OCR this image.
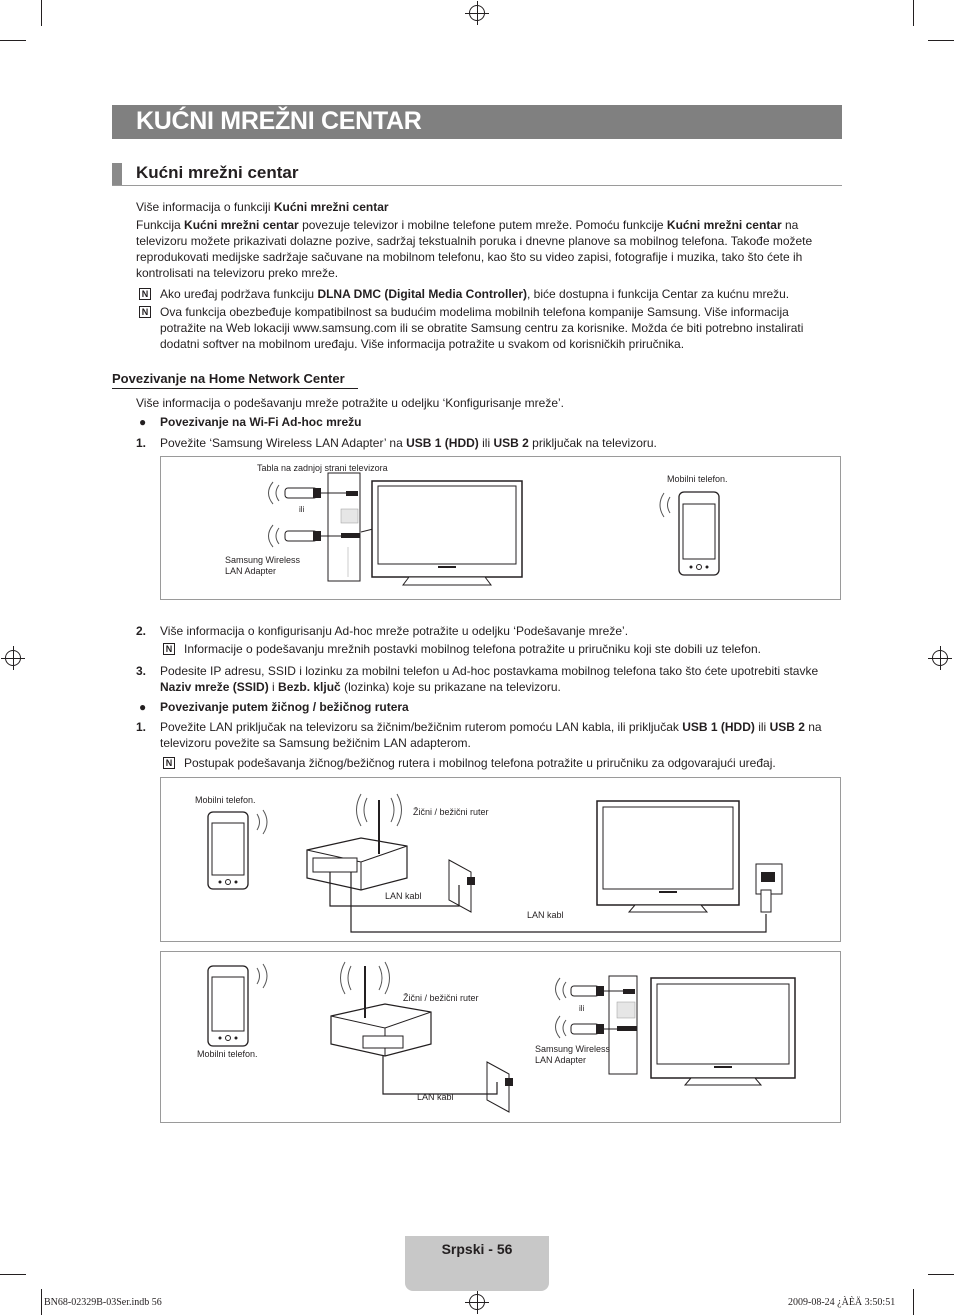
KUĆNI MREŽNI CENTAR
Kućni mrežni centar
Više informacija o funkciji Kućni mrežni centar
Funkcija Kućni mrežni centar povezuje televizor i mobilne telefone putem mreže. Pomoću funkcije Kućni mrežni centar na televizoru možete prikazivati dolazne pozive, sadržaj tekstualnih poruka i dnevne planove sa mobilnog telefona. Takođe možete reprodukovati medijske sadržaje sačuvane na mobilnom telefonu, kao što su video zapisi, fotografije i muzika, tako što ćete ih kontrolisati na televizoru preko mreže.
N Ako uređaj podržava funkciju DLNA DMC (Digital Media Controller), biće dostupna i funkcija Centar za kućnu mrežu.
N Ova funkcija obezbeđuje kompatibilnost sa budućim modelima mobilnih telefona kompanije Samsung. Više informacija potražite na Web lokaciji www.samsung.com ili se obratite Samsung centru za korisnike. Možda će biti potrebno instalirati dodatni softver na mobilnom uređaju. Više informacija potražite u svakom od korisničkih priručnika.
Povezivanje na Home Network Center
Više informacija o podešavanju mreže potražite u odeljku ‘Konfigurisanje mreže’.
● Povezivanje na Wi-Fi Ad-hoc mrežu
1. Povežite ‘Samsung Wireless LAN Adapter’ na USB 1 (HDD) ili USB 2 priključak na televizoru.
Tabla na zadnjoj strani televizora
ili
Samsung Wireless LAN Adapter
Mobilni telefon.
2. Više informacija o konfigurisanju Ad-hoc mreže potražite u odeljku ‘Podešavanje mreže’.
N Informacije o podešavanju mrežnih postavki mobilnog telefona potražite u priručniku koji ste dobili uz telefon.
3. Podesite IP adresu, SSID i lozinku za mobilni telefon u Ad-hoc postavkama mobilnog telefona tako što ćete upotrebiti stavke Naziv mreže (SSID) i Bezb. ključ (lozinka) koje su prikazane na televizoru.
● Povezivanje putem žičnog / bežičnog rutera
1. Povežite LAN priključak na televizoru sa žičnim/bežičnim ruterom pomoću LAN kabla, ili priključak USB 1 (HDD) ili USB 2 na televizoru povežite sa Samsung bežičnim LAN adapterom.
N Postupak podešavanja žičnog/bežičnog rutera i mobilnog telefona potražite u priručniku za odgovarajući uređaj.
Mobilni telefon.
Žični / bežični ruter
LAN kabl
LAN kabl
Mobilni telefon.
Žični / bežični ruter
LAN kabl
Samsung Wireless LAN Adapter
ili
Srpski - 56
BN68-02329B-03Ser.indb 56	2009-08-24 ¿ÀÈÄ 3:50:51
